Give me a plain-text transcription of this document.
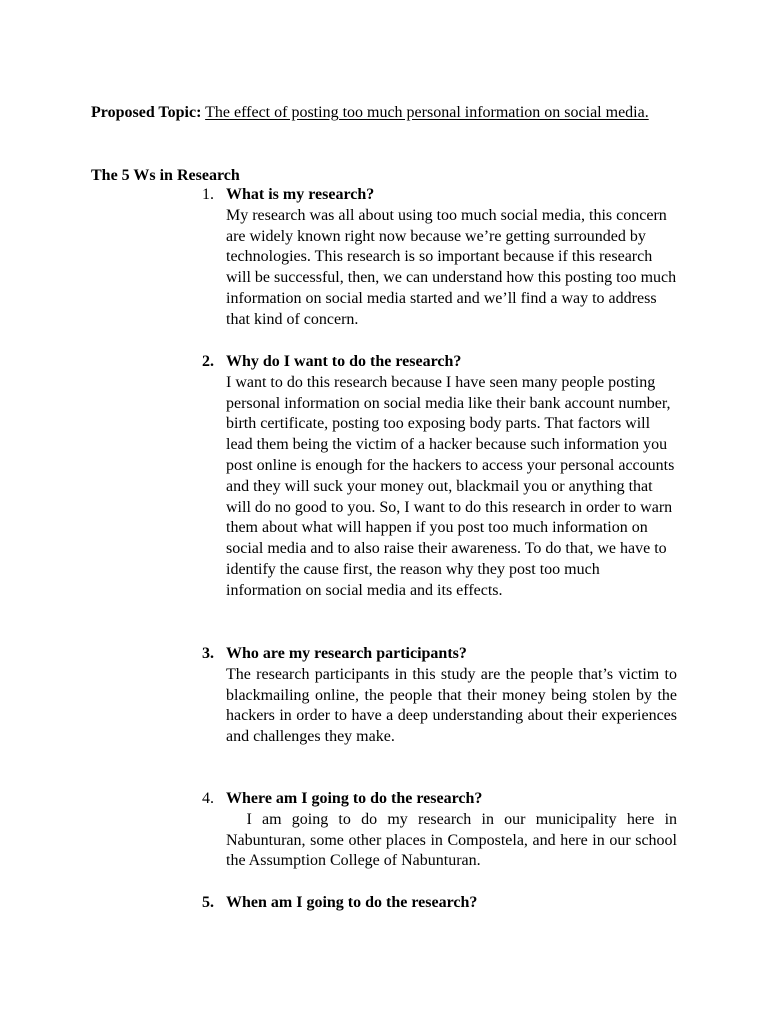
Proposed Topic: The effect of posting too much personal information on social media.
The 5 Ws in Research
1. What is my research?
My research was all about using too much social media, this concern are widely known right now because we’re getting surrounded by technologies. This research is so important because if this research will be successful, then, we can understand how this posting too much information on social media started and we’ll find a way to address that kind of concern.
2. Why do I want to do the research?
I want to do this research because I have seen many people posting personal information on social media like their bank account number, birth certificate, posting too exposing body parts. That factors will lead them being the victim of a hacker because such information you post online is enough for the hackers to access your personal accounts and they will suck your money out, blackmail you or anything that will do no good to you. So, I want to do this research in order to warn them about what will happen if you post too much information on social media and to also raise their awareness. To do that, we have to identify the cause first, the reason why they post too much information on social media and its effects.
3. Who are my research participants?
The research participants in this study are the people that’s victim to blackmailing online, the people that their money being stolen by the hackers in order to have a deep understanding about their experiences and challenges they make.
4. Where am I going to do the research?
I am going to do my research in our municipality here in Nabunturan, some other places in Compostela, and here in our school the Assumption College of Nabunturan.
5. When am I going to do the research?
